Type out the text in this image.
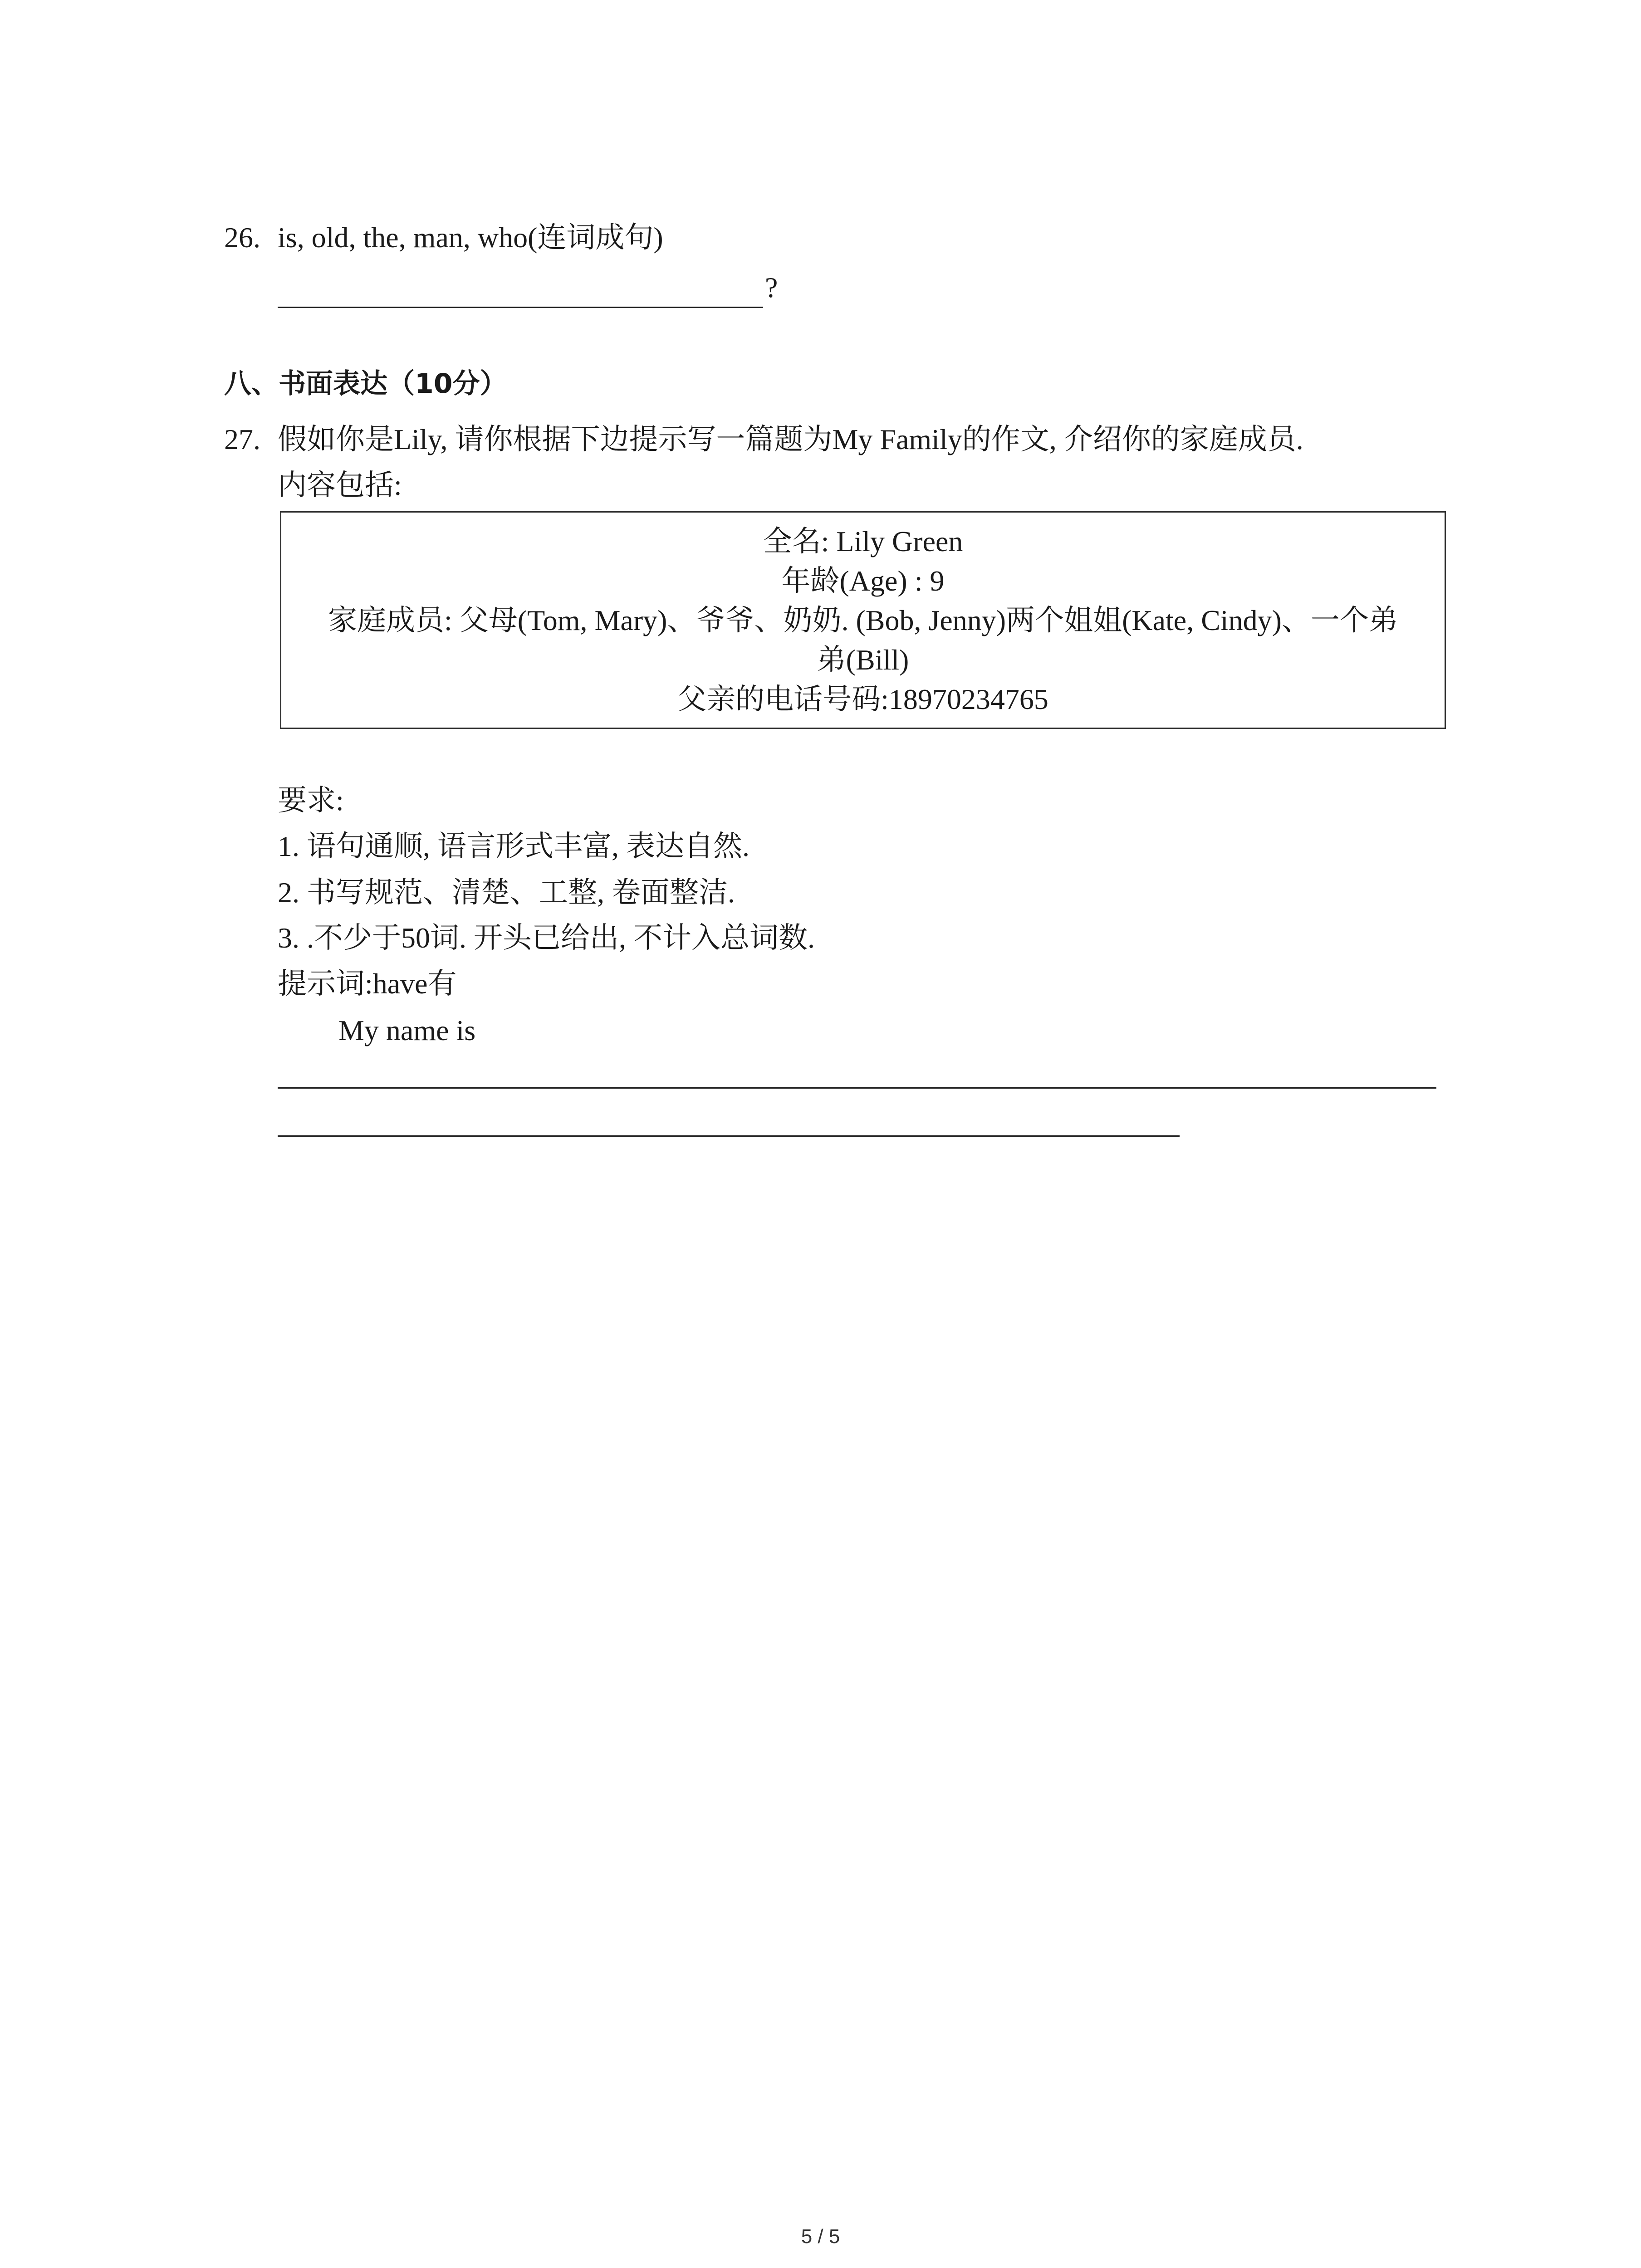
26. is, old, the, man, who(连词成句)
?
八、书面表达（10分）
27. 假如你是Lily, 请你根据下边提示写一篇题为My Family的作文, 介绍你的家庭成员.
内容包括:
全名: Lily Green
年龄(Age) : 9
家庭成员: 父母(Tom, Mary)、爷爷、奶奶. (Bob, Jenny)两个姐姐(Kate, Cindy)、一个弟
弟(Bill)
父亲的电话号码:18970234765
要求:
1. 语句通顺, 语言形式丰富, 表达自然.
2. 书写规范、清楚、工整, 卷面整洁.
3. .不少于50词. 开头已给出, 不计入总词数.
提示词:have有
My name is
5 / 5
